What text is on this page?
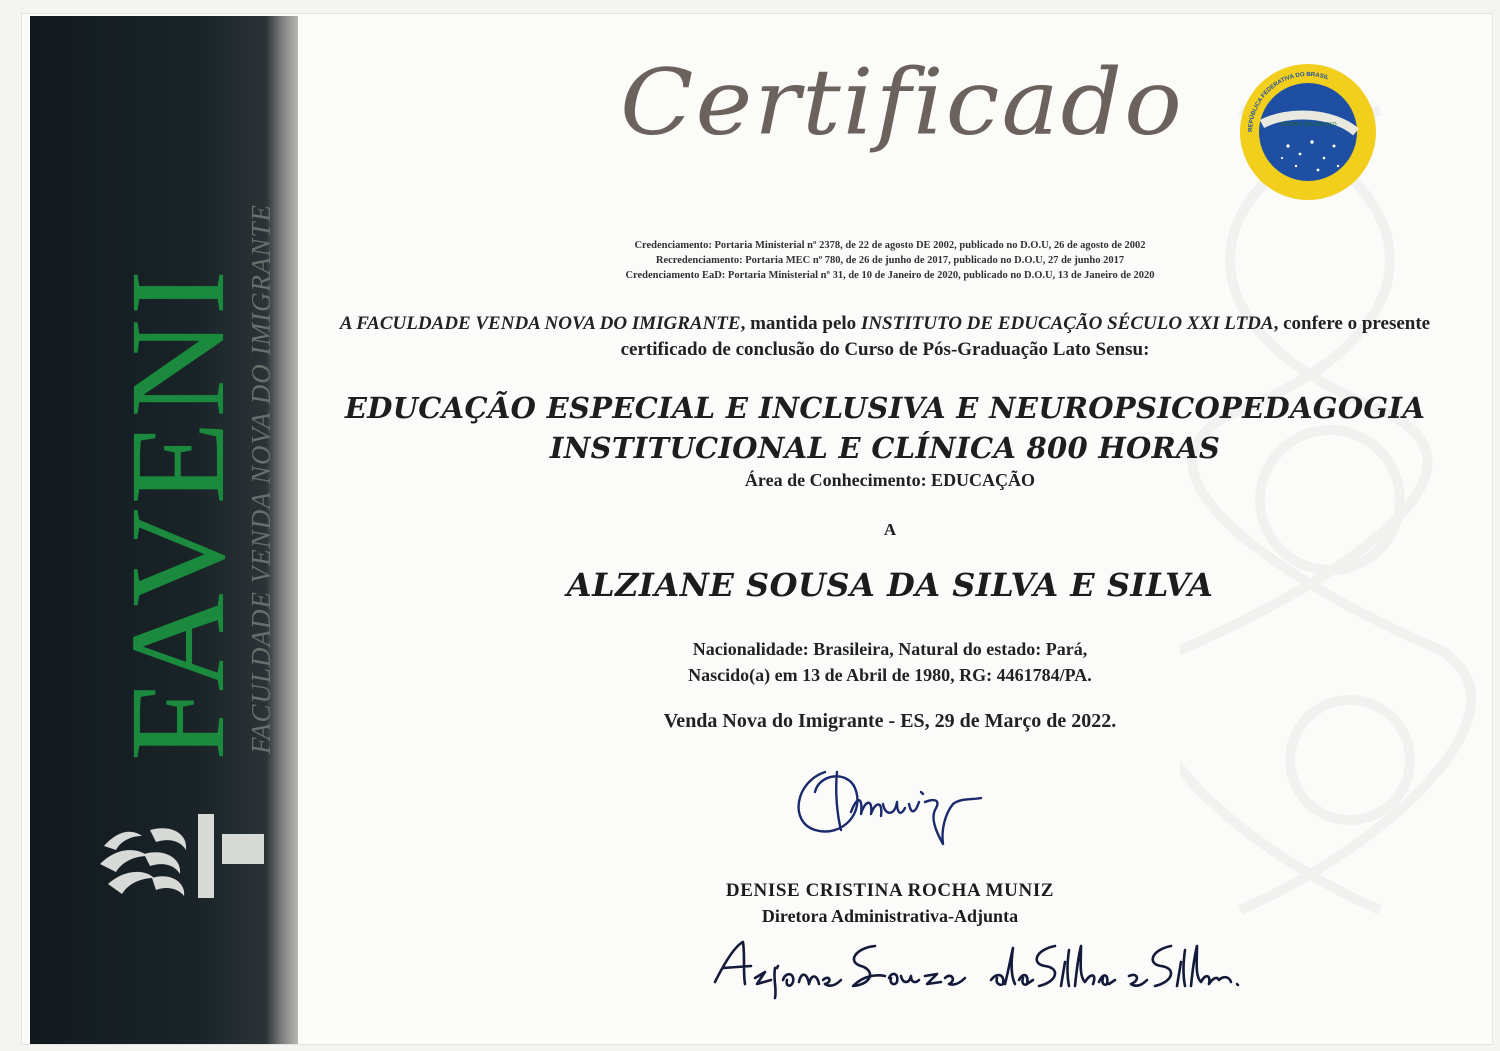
FAVENI
FACULDADE VENDA NOVA DO IMIGRANTE
Certificado	REPÚBLICA FEDERATIVA DO BRASIL
ORDEM E PROGRESSO
Credenciamento: Portaria Ministerial nº 2378, de 22 de agosto DE 2002, publicado no D.O.U, 26 de agosto de 2002
Recredenciamento: Portaria MEC nº 780, de 26 de junho de 2017, publicado no D.O.U, 27 de junho 2017
Credenciamento EaD: Portaria Ministerial nº 31, de 10 de Janeiro de 2020, publicado no D.O.U, 13 de Janeiro de 2020
A FACULDADE VENDA NOVA DO IMIGRANTE, mantida pelo INSTITUTO DE EDUCAÇÃO SÉCULO XXI LTDA, confere o presente certificado de conclusão do Curso de Pós-Graduação Lato Sensu:
EDUCAÇÃO ESPECIAL E INCLUSIVA E NEUROPSICOPEDAGOGIA
INSTITUCIONAL E CLÍNICA 800 HORAS
Área de Conhecimento: EDUCAÇÃO
A
ALZIANE SOUSA DA SILVA E SILVA
Nacionalidade: Brasileira, Natural do estado: Pará,
Nascido(a) em 13 de Abril de 1980, RG: 4461784/PA.
Venda Nova do Imigrante - ES, 29 de Março de 2022.
DENISE CRISTINA ROCHA MUNIZ
Diretora Administrativa-Adjunta
Alziane Sousa da Silva e Silva.
